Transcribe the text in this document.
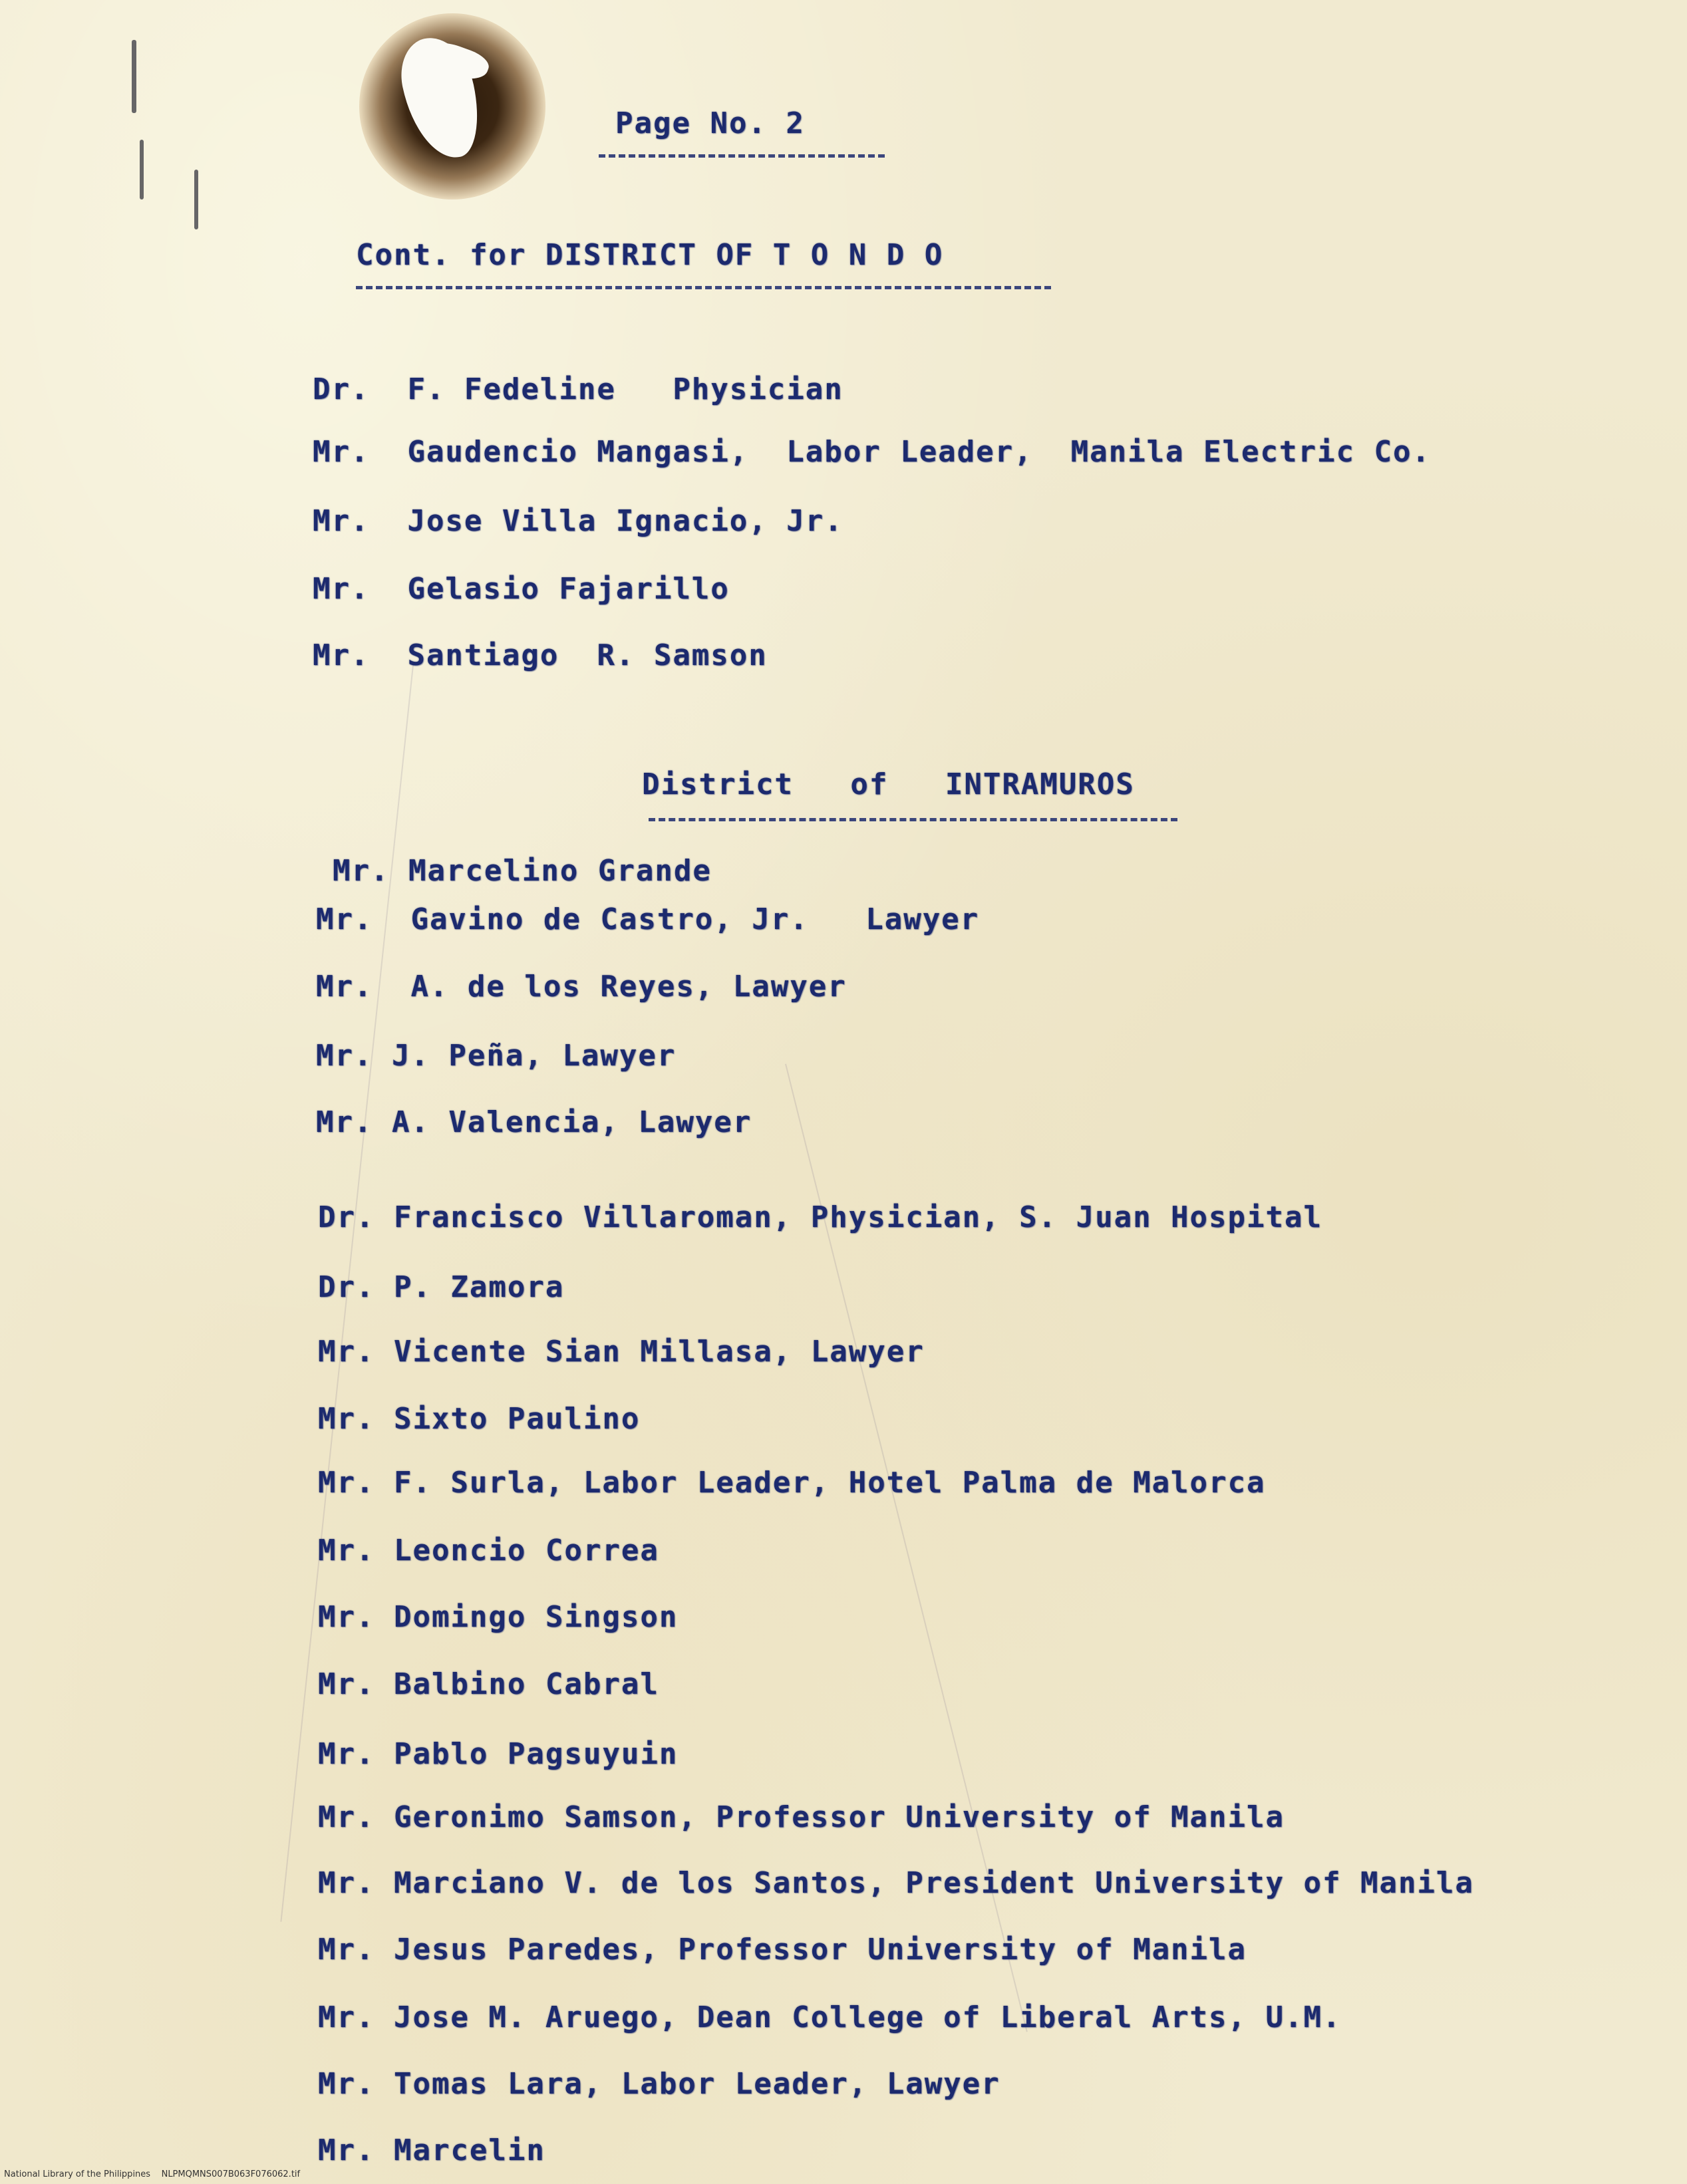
Page No. 2
Cont. for DISTRICT OF T O N D O
Dr.  F. Fedeline   Physician
Mr.  Gaudencio Mangasi,  Labor Leader,  Manila Electric Co.
Mr.  Jose Villa Ignacio, Jr.
Mr.  Gelasio Fajarillo
Mr.  Santiago  R. Samson
District   of   INTRAMUROS
Mr. Marcelino Grande
Mr.  Gavino de Castro, Jr.   Lawyer
Mr.  A. de los Reyes, Lawyer
Mr. J. Peña, Lawyer
Mr. A. Valencia, Lawyer
Dr. Francisco Villaroman, Physician, S. Juan Hospital
Dr. P. Zamora
Mr. Vicente Sian Millasa, Lawyer
Mr. Sixto Paulino
Mr. F. Surla, Labor Leader, Hotel Palma de Malorca
Mr. Leoncio Correa
Mr. Domingo Singson
Mr. Balbino Cabral
Mr. Pablo Pagsuyuin
Mr. Geronimo Samson, Professor University of Manila
Mr. Marciano V. de los Santos, President University of Manila
Mr. Jesus Paredes, Professor University of Manila
Mr. Jose M. Aruego, Dean College of Liberal Arts, U.M.
Mr. Tomas Lara, Labor Leader, Lawyer
Mr. Marcelin
National Library of the Philippines    NLPMQMNS007B063F076062.tif
